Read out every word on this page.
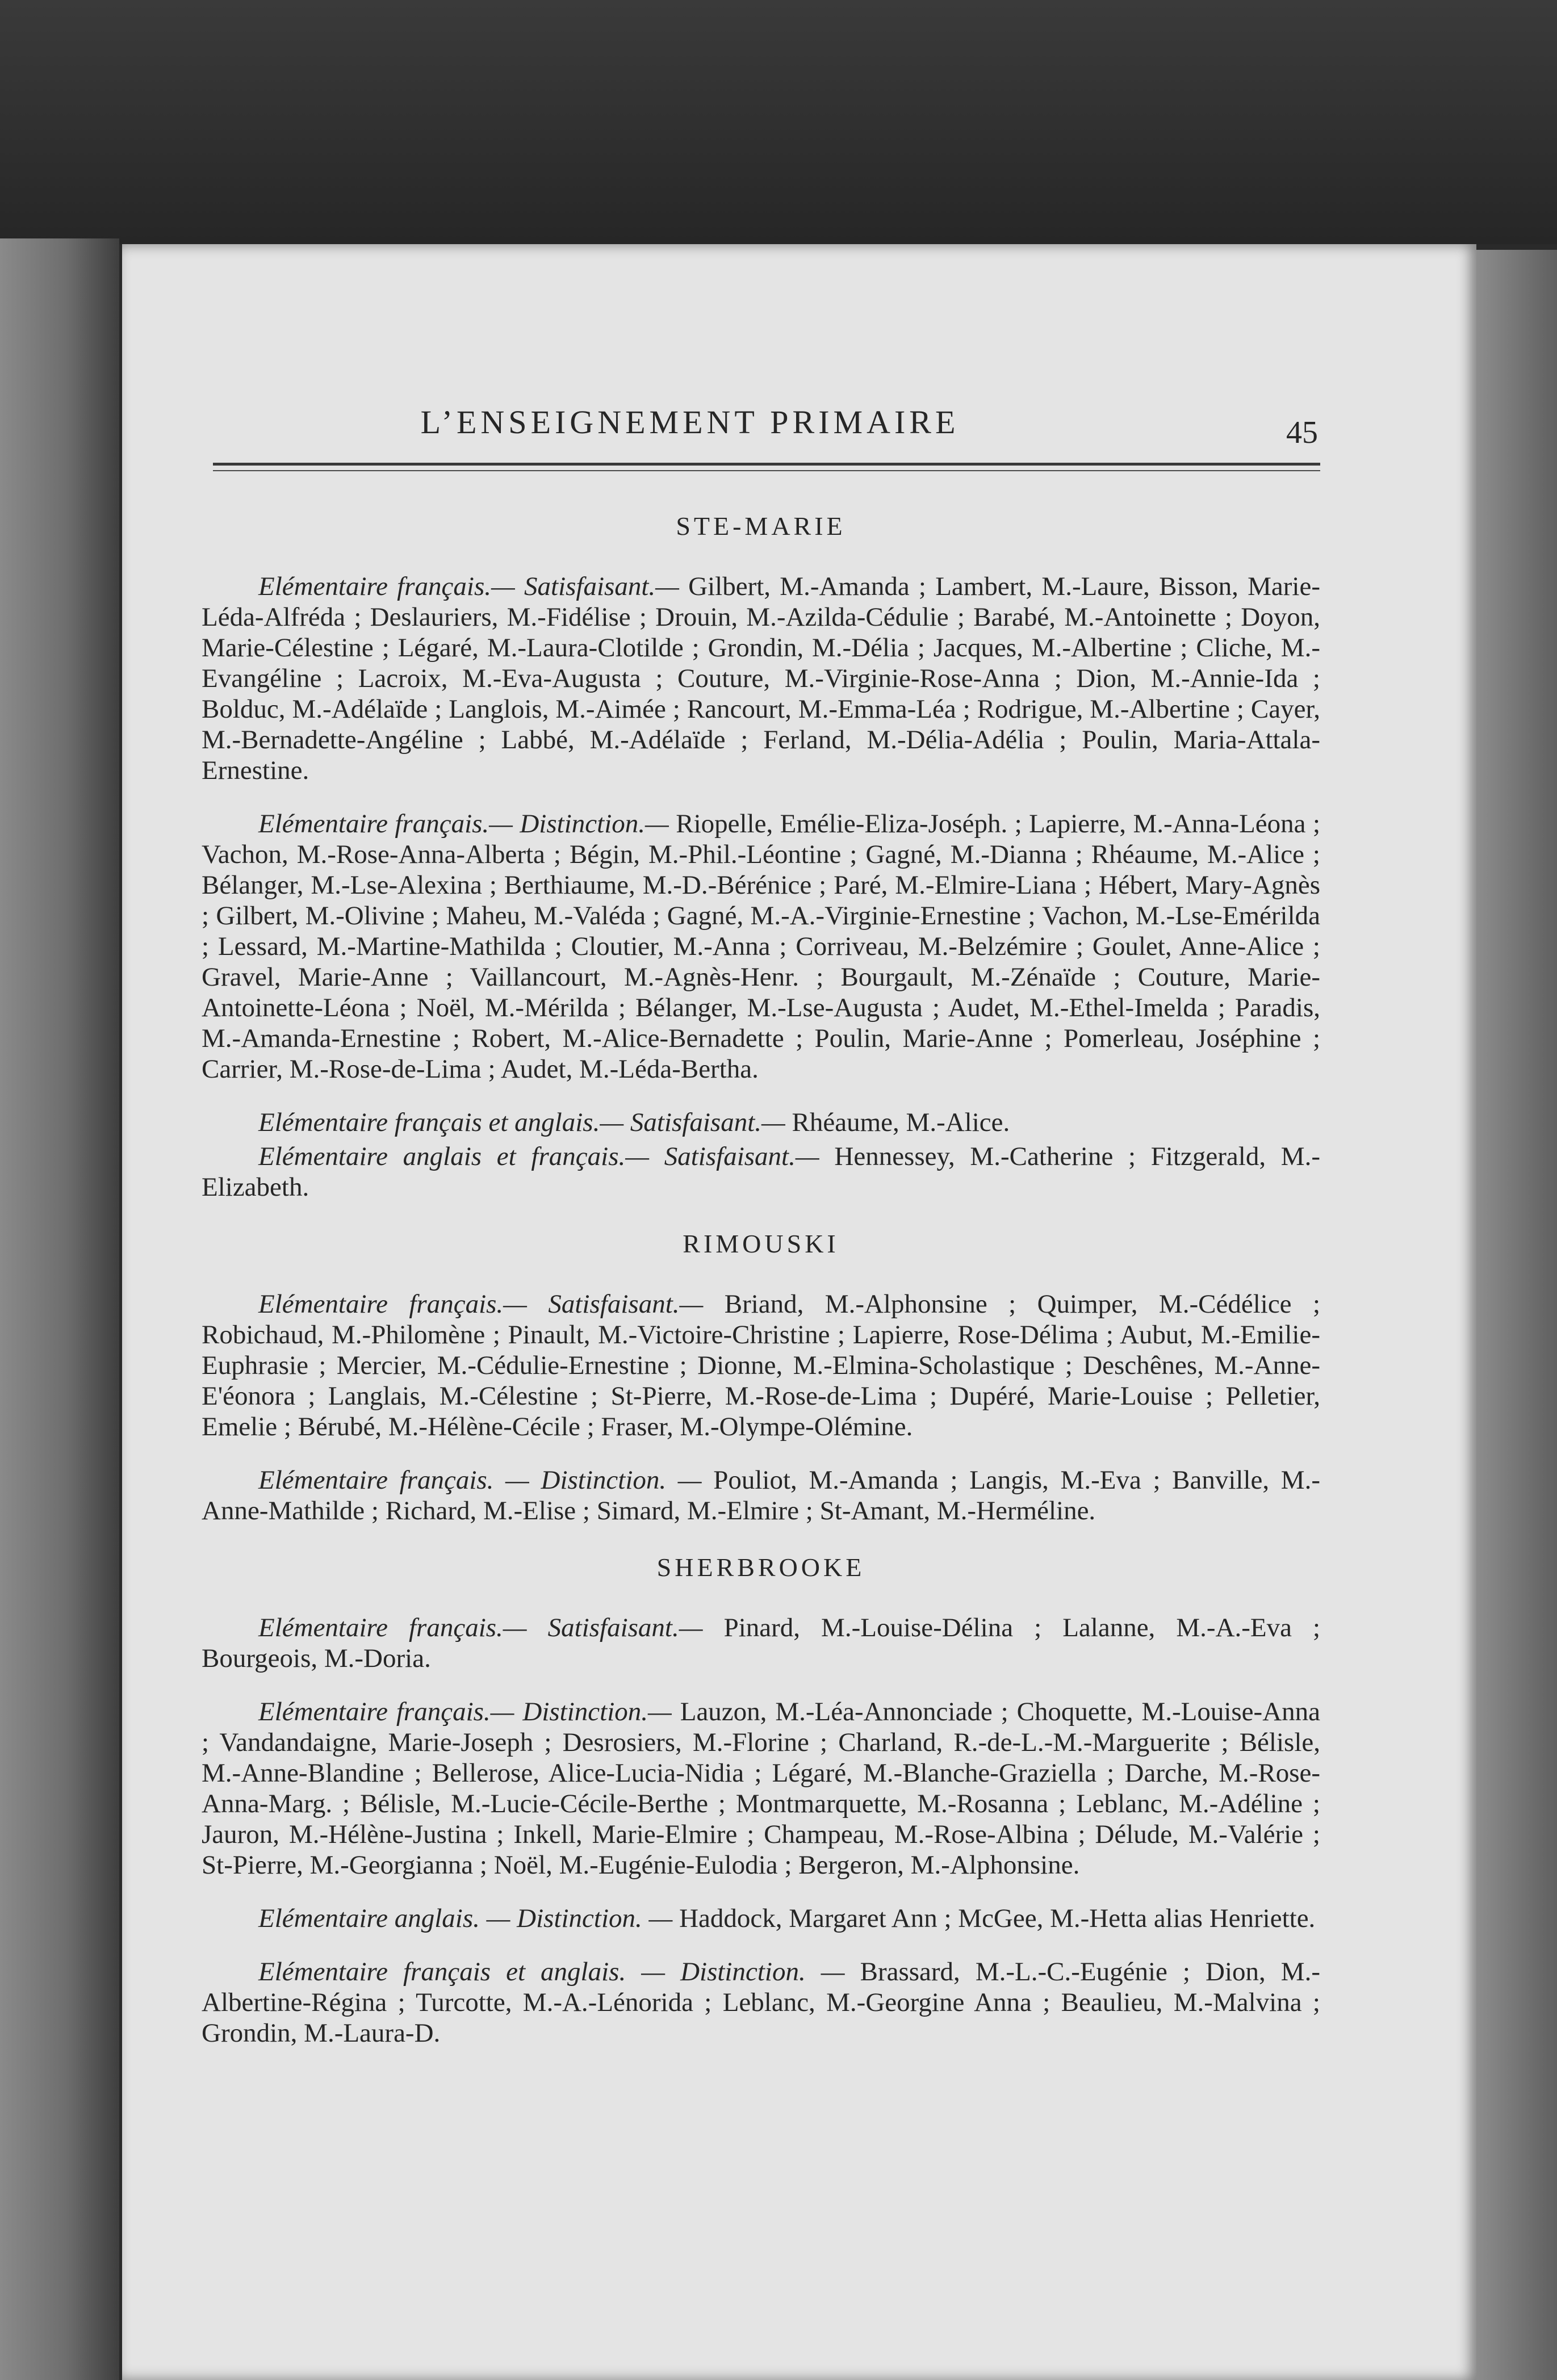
L’ENSEIGNEMENT PRIMAIRE	45
STE-MARIE

Elémentaire français.— Satisfaisant.— Gilbert, M.-Amanda ; Lambert, M.-Laure, Bisson, Marie-Léda-Alfréda ; Deslauriers, M.-Fidélise ; Drouin, M.-Azilda-Cédulie ; Barabé, M.-Antoinette ; Doyon, Marie-Célestine ; Légaré, M.-Laura-Clotilde ; Grondin, M.-Délia ; Jacques, M.-Albertine ; Cliche, M.-Evangéline ; Lacroix, M.-Eva-Augusta ; Couture, M.-Virginie-Rose-Anna ; Dion, M.-Annie-Ida ; Bolduc, M.-Adélaïde ; Langlois, M.-Aimée ; Rancourt, M.-Emma-Léa ; Rodrigue, M.-Albertine ; Cayer, M.-Bernadette-Angéline ; Labbé, M.-Adélaïde ; Ferland, M.-Délia-Adélia ; Poulin, Maria-Attala-Ernestine.

Elémentaire français.— Distinction.— Riopelle, Emélie-Eliza-Joséph. ; Lapierre, M.-Anna-Léona ; Vachon, M.-Rose-Anna-Alberta ; Bégin, M.-Phil.-Léontine ; Gagné, M.-Dianna ; Rhéaume, M.-Alice ; Bélanger, M.-Lse-Alexina ; Berthiaume, M.-D.-Bérénice ; Paré, M.-Elmire-Liana ; Hébert, Mary-Agnès ; Gilbert, M.-Olivine ; Maheu, M.-Valéda ; Gagné, M.-A.-Virginie-Ernestine ; Vachon, M.-Lse-Emérilda ; Lessard, M.-Martine-Mathilda ; Cloutier, M.-Anna ; Corriveau, M.-Belzémire ; Goulet, Anne-Alice ; Gravel, Marie-Anne ; Vaillancourt, M.-Agnès-Henr. ; Bourgault, M.-Zénaïde ; Couture, Marie-Antoinette-Léona ; Noël, M.-Mérilda ; Bélanger, M.-Lse-Augusta ; Audet, M.-Ethel-Imelda ; Paradis, M.-Amanda-Ernestine ; Robert, M.-Alice-Bernadette ; Poulin, Marie-Anne ; Pomerleau, Joséphine ; Carrier, M.-Rose-de-Lima ; Audet, M.-Léda-Bertha.

Elémentaire français et anglais.— Satisfaisant.— Rhéaume, M.-Alice.

Elémentaire anglais et français.— Satisfaisant.— Hennessey, M.-Catherine ; Fitzgerald, M.-Elizabeth.

RIMOUSKI

Elémentaire français.— Satisfaisant.— Briand, M.-Alphonsine ; Quimper, M.-Cédélice ; Robichaud, M.-Philomène ; Pinault, M.-Victoire-Christine ; Lapierre, Rose-Délima ; Aubut, M.-Emilie-Euphrasie ; Mercier, M.-Cédulie-Ernestine ; Dionne, M.-Elmina-Scholastique ; Deschênes, M.-Anne-E'éonora ; Langlais, M.-Célestine ; St-Pierre, M.-Rose-de-Lima ; Dupéré, Marie-Louise ; Pelletier, Emelie ; Bérubé, M.-Hélène-Cécile ; Fraser, M.-Olympe-Olémine.

Elémentaire français. — Distinction. — Pouliot, M.-Amanda ; Langis, M.-Eva ; Banville, M.-Anne-Mathilde ; Richard, M.-Elise ; Simard, M.-Elmire ; St-Amant, M.-Herméline.

SHERBROOKE

Elémentaire français.— Satisfaisant.— Pinard, M.-Louise-Délina ; Lalanne, M.-A.-Eva ; Bourgeois, M.-Doria.

Elémentaire français.— Distinction.— Lauzon, M.-Léa-Annonciade ; Choquette, M.-Louise-Anna ; Vandandaigne, Marie-Joseph ; Desrosiers, M.-Florine ; Charland, R.-de-L.-M.-Marguerite ; Bélisle, M.-Anne-Blandine ; Bellerose, Alice-Lucia-Nidia ; Légaré, M.-Blanche-Graziella ; Darche, M.-Rose-Anna-Marg. ; Bélisle, M.-Lucie-Cécile-Berthe ; Montmarquette, M.-Rosanna ; Leblanc, M.-Adéline ; Jauron, M.-Hélène-Justina ; Inkell, Marie-Elmire ; Champeau, M.-Rose-Albina ; Délude, M.-Valérie ; St-Pierre, M.-Georgianna ; Noël, M.-Eugénie-Eulodia ; Bergeron, M.-Alphonsine.

Elémentaire anglais. — Distinction. — Haddock, Margaret Ann ; McGee, M.-Hetta alias Henriette.

Elémentaire français et anglais. — Distinction. — Brassard, M.-L.-C.-Eugénie ; Dion, M.-Albertine-Régina ; Turcotte, M.-A.-Lénorida ; Leblanc, M.-Georgine Anna ; Beaulieu, M.-Malvina ; Grondin, M.-Laura-D.
